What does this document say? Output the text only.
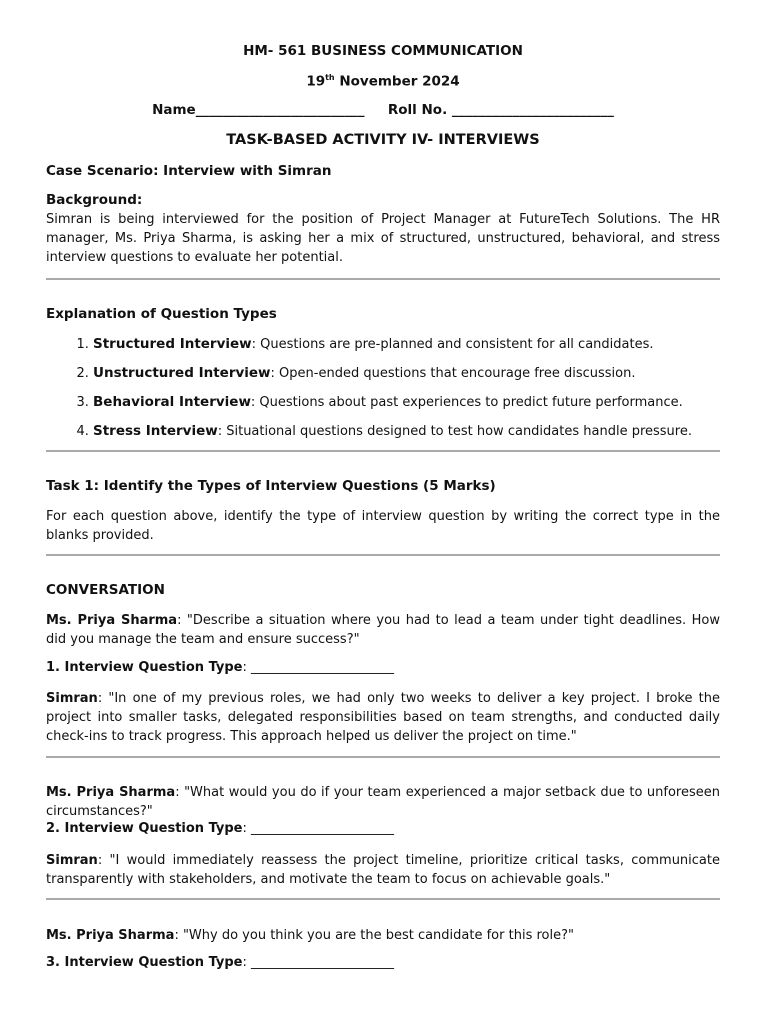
HM- 561 BUSINESS COMMUNICATION
19th November 2024
Name_________________________ Roll No. ________________________
TASK-BASED ACTIVITY IV- INTERVIEWS
Case Scenario: Interview with Simran
Background:
Simran is being interviewed for the position of Project Manager at FutureTech Solutions. The HR manager, Ms. Priya Sharma, is asking her a mix of structured, unstructured, behavioral, and stress interview questions to evaluate her potential.
Explanation of Question Types
1. Structured Interview: Questions are pre-planned and consistent for all candidates.
2. Unstructured Interview: Open-ended questions that encourage free discussion.
3. Behavioral Interview: Questions about past experiences to predict future performance.
4. Stress Interview: Situational questions designed to test how candidates handle pressure.
Task 1: Identify the Types of Interview Questions (5 Marks)
For each question above, identify the type of interview question by writing the correct type in the blanks provided.
CONVERSATION
Ms. Priya Sharma: "Describe a situation where you had to lead a team under tight deadlines. How did you manage the team and ensure success?"
1. Interview Question Type: ______________________
Simran: "In one of my previous roles, we had only two weeks to deliver a key project. I broke the project into smaller tasks, delegated responsibilities based on team strengths, and conducted daily check-ins to track progress. This approach helped us deliver the project on time."
Ms. Priya Sharma: "What would you do if your team experienced a major setback due to unforeseen circumstances?"
2. Interview Question Type: ______________________
Simran: "I would immediately reassess the project timeline, prioritize critical tasks, communicate transparently with stakeholders, and motivate the team to focus on achievable goals."
Ms. Priya Sharma: "Why do you think you are the best candidate for this role?"
3. Interview Question Type: ______________________
